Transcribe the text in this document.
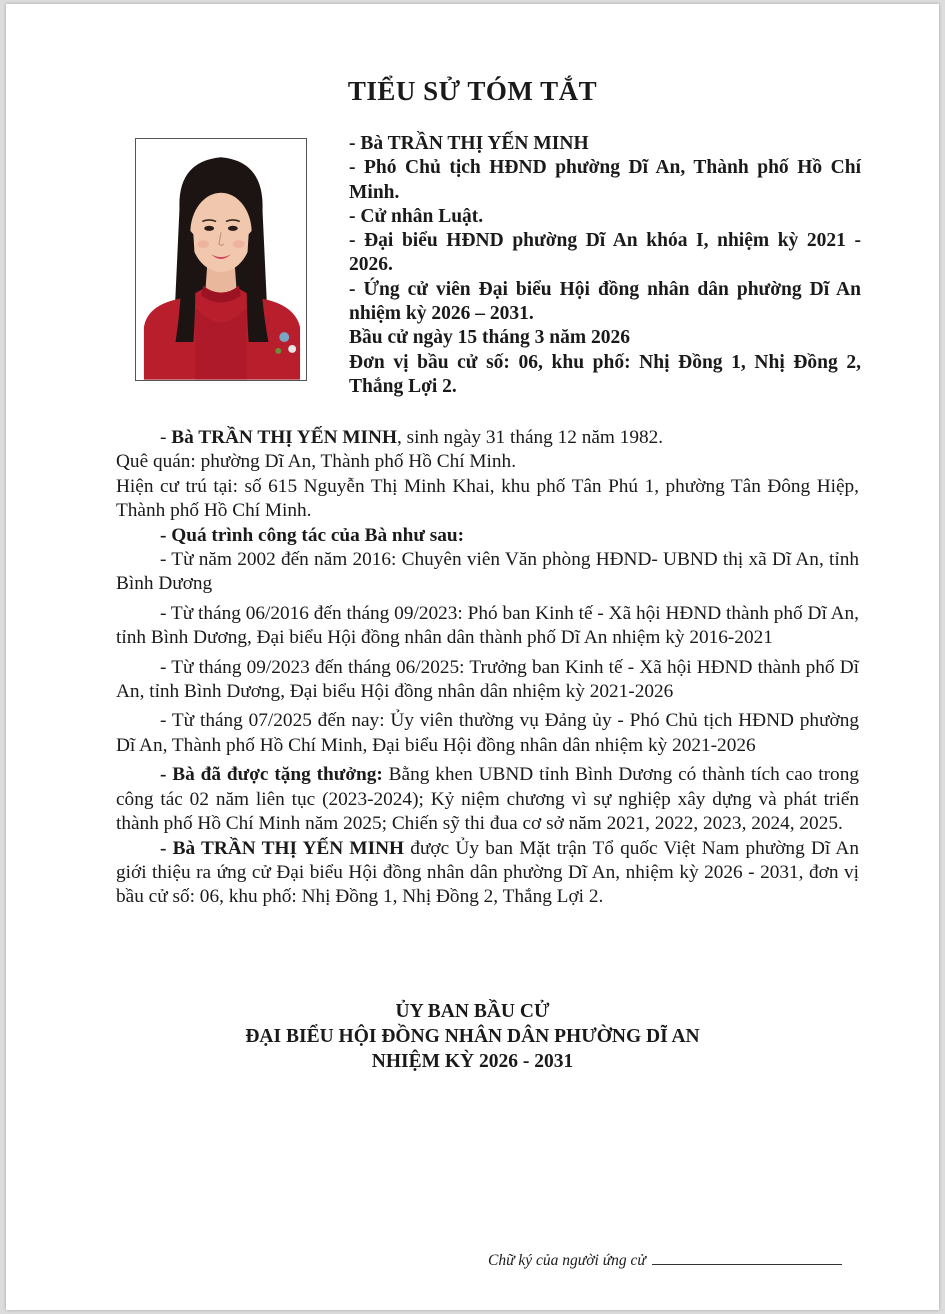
TIỂU SỬ TÓM TẮT

- Bà TRẦN THỊ YẾN MINH

- Phó Chủ tịch HĐND phường Dĩ An, Thành phố Hồ Chí Minh.

- Cử nhân Luật.

- Đại biểu HĐND phường Dĩ An khóa I, nhiệm kỳ 2021 - 2026.

- Ứng cử viên Đại biểu Hội đồng nhân dân phường Dĩ An nhiệm kỳ 2026 – 2031.

Bầu cử ngày 15 tháng 3 năm 2026

Đơn vị bầu cử số: 06, khu phố: Nhị Đồng 1, Nhị Đồng 2, Thắng Lợi 2.

- Bà TRẦN THỊ YẾN MINH, sinh ngày 31 tháng 12 năm 1982.

Quê quán: phường Dĩ An, Thành phố Hồ Chí Minh.

Hiện cư trú tại: số 615 Nguyễn Thị Minh Khai, khu phố Tân Phú 1, phường Tân Đông Hiệp, Thành phố Hồ Chí Minh.

- Quá trình công tác của Bà như sau:

- Từ năm 2002 đến năm 2016: Chuyên viên Văn phòng HĐND- UBND thị xã Dĩ An, tỉnh Bình Dương

- Từ tháng 06/2016 đến tháng 09/2023: Phó ban Kinh tế - Xã hội HĐND thành phố Dĩ An, tỉnh Bình Dương, Đại biểu Hội đồng nhân dân thành phố Dĩ An nhiệm kỳ 2016-2021

- Từ tháng 09/2023 đến tháng 06/2025: Trưởng ban Kinh tế - Xã hội HĐND thành phố Dĩ An, tỉnh Bình Dương, Đại biểu Hội đồng nhân dân nhiệm kỳ 2021-2026

- Từ tháng 07/2025 đến nay: Ủy viên thường vụ Đảng ủy - Phó Chủ tịch HĐND phường Dĩ An, Thành phố Hồ Chí Minh, Đại biểu Hội đồng nhân dân nhiệm kỳ 2021-2026

- Bà đã được tặng thưởng: Bằng khen UBND tỉnh Bình Dương có thành tích cao trong công tác 02 năm liên tục (2023-2024); Kỷ niệm chương vì sự nghiệp xây dựng và phát triển thành phố Hồ Chí Minh năm 2025; Chiến sỹ thi đua cơ sở năm 2021, 2022, 2023, 2024, 2025.

- Bà TRẦN THỊ YẾN MINH được Ủy ban Mặt trận Tổ quốc Việt Nam phường Dĩ An giới thiệu ra ứng cử Đại biểu Hội đồng nhân dân phường Dĩ An, nhiệm kỳ 2026 - 2031, đơn vị bầu cử số: 06, khu phố: Nhị Đồng 1, Nhị Đồng 2, Thắng Lợi 2.

ỦY BAN BẦU CỬ
ĐẠI BIỂU HỘI ĐỒNG NHÂN DÂN PHƯỜNG DĨ AN
NHIỆM KỲ 2026 - 2031
Chữ ký của người ứng cử
